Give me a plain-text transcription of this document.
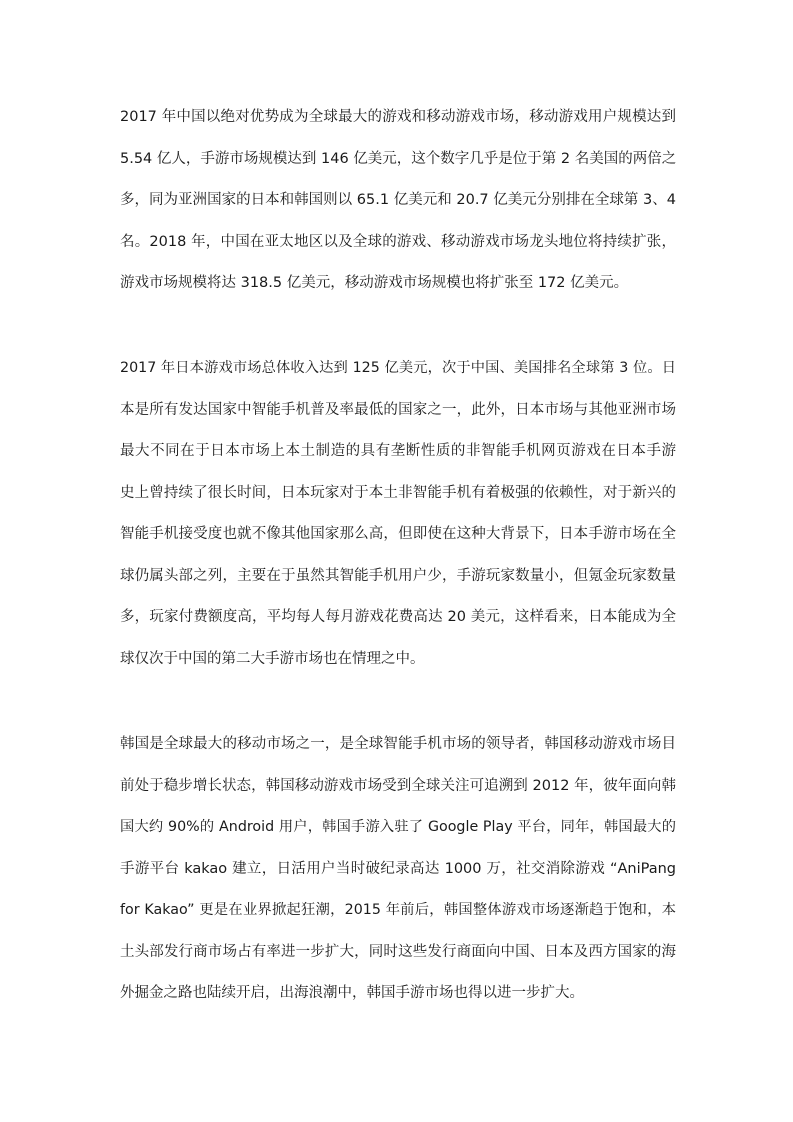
2017 年中国以绝对优势成为全球最大的游戏和移动游戏市场，移动游戏用户规模达到
5.54 亿人，手游市场规模达到 146 亿美元，这个数字几乎是位于第 2 名美国的两倍之
多，同为亚洲国家的日本和韩国则以 65.1 亿美元和 20.7 亿美元分别排在全球第 3、4
名。2018 年，中国在亚太地区以及全球的游戏、移动游戏市场龙头地位将持续扩张，
游戏市场规模将达 318.5 亿美元，移动游戏市场规模也将扩张至 172 亿美元。

2017 年日本游戏市场总体收入达到 125 亿美元，次于中国、美国排名全球第 3 位。日
本是所有发达国家中智能手机普及率最低的国家之一，此外，日本市场与其他亚洲市场
最大不同在于日本市场上本土制造的具有垄断性质的非智能手机网页游戏在日本手游
史上曾持续了很长时间，日本玩家对于本土非智能手机有着极强的依赖性，对于新兴的
智能手机接受度也就不像其他国家那么高，但即使在这种大背景下，日本手游市场在全
球仍属头部之列，主要在于虽然其智能手机用户少，手游玩家数量小，但氪金玩家数量
多，玩家付费额度高，平均每人每月游戏花费高达 20 美元，这样看来，日本能成为全
球仅次于中国的第二大手游市场也在情理之中。

韩国是全球最大的移动市场之一，是全球智能手机市场的领导者，韩国移动游戏市场目
前处于稳步增长状态，韩国移动游戏市场受到全球关注可追溯到 2012 年，彼年面向韩
国大约 90%的 Android 用户，韩国手游入驻了 Google Play 平台，同年，韩国最大的
手游平台 kakao 建立，日活用户当时破纪录高达 1000 万，社交消除游戏 “AniPang
for Kakao” 更是在业界掀起狂潮，2015 年前后，韩国整体游戏市场逐渐趋于饱和，本
土头部发行商市场占有率进一步扩大，同时这些发行商面向中国、日本及西方国家的海
外掘金之路也陆续开启，出海浪潮中，韩国手游市场也得以进一步扩大。
